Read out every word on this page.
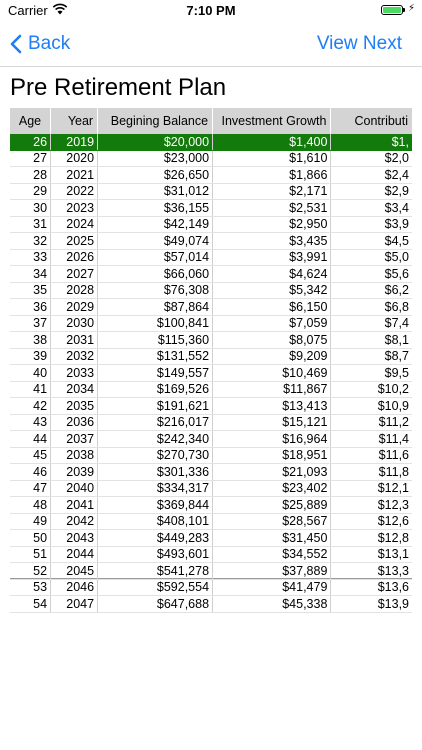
Carrier	7:10 PM	⚡
Back	View Next
Pre Retirement Plan
Age	Year	Begining Balance	Investment Growth	Contributi
26	2019	$20,000	$1,400	$1,
27	2020	$23,000	$1,610	$2,0
28	2021	$26,650	$1,866	$2,4
29	2022	$31,012	$2,171	$2,9
30	2023	$36,155	$2,531	$3,4
31	2024	$42,149	$2,950	$3,9
32	2025	$49,074	$3,435	$4,5
33	2026	$57,014	$3,991	$5,0
34	2027	$66,060	$4,624	$5,6
35	2028	$76,308	$5,342	$6,2
36	2029	$87,864	$6,150	$6,8
37	2030	$100,841	$7,059	$7,4
38	2031	$115,360	$8,075	$8,1
39	2032	$131,552	$9,209	$8,7
40	2033	$149,557	$10,469	$9,5
41	2034	$169,526	$11,867	$10,2
42	2035	$191,621	$13,413	$10,9
43	2036	$216,017	$15,121	$11,2
44	2037	$242,340	$16,964	$11,4
45	2038	$270,730	$18,951	$11,6
46	2039	$301,336	$21,093	$11,8
47	2040	$334,317	$23,402	$12,1
48	2041	$369,844	$25,889	$12,3
49	2042	$408,101	$28,567	$12,6
50	2043	$449,283	$31,450	$12,8
51	2044	$493,601	$34,552	$13,1
52	2045	$541,278	$37,889	$13,3
53	2046	$592,554	$41,479	$13,6
54	2047	$647,688	$45,338	$13,9
